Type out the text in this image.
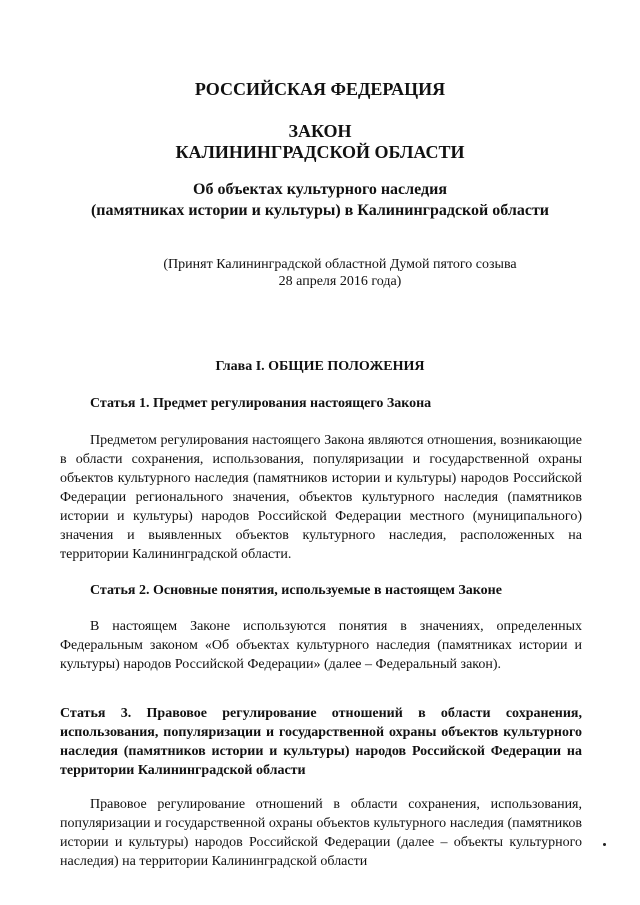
РОССИЙСКАЯ ФЕДЕРАЦИЯ

ЗАКОН

КАЛИНИНГРАДСКОЙ ОБЛАСТИ

Об объектах культурного наследия

(памятниках истории и культуры) в Калининградской области

(Принят Калининградской областной Думой пятого созыва

28 апреля 2016 года)

Глава I. ОБЩИЕ ПОЛОЖЕНИЯ

Статья 1. Предмет регулирования настоящего Закона

Предметом регулирования настоящего Закона являются отношения, возникающие в области сохранения, использования, популяризации и государственной охраны объектов культурного наследия (памятников истории и культуры) народов Российской Федерации регионального значения, объектов культурного наследия (памятников истории и культуры) народов Российской Федерации местного (муниципального) значения и выявленных объектов культурного наследия, расположенных на территории Калининградской области.

Статья 2. Основные понятия, используемые в настоящем Законе

В настоящем Законе используются понятия в значениях, определенных Федеральным законом «Об объектах культурного наследия (памятниках истории и культуры) народов Российской Федерации» (далее – Федеральный закон).

Статья 3. Правовое регулирование отношений в области сохранения, использования, популяризации и государственной охраны объектов культурного наследия (памятников истории и культуры) народов Российской Федерации на территории Калининградской области

Правовое регулирование отношений в области сохранения, использования, популяризации и государственной охраны объектов культурного наследия (памятников истории и культуры) народов Российской Федерации (далее – объекты культурного наследия) на территории Калининградской области
